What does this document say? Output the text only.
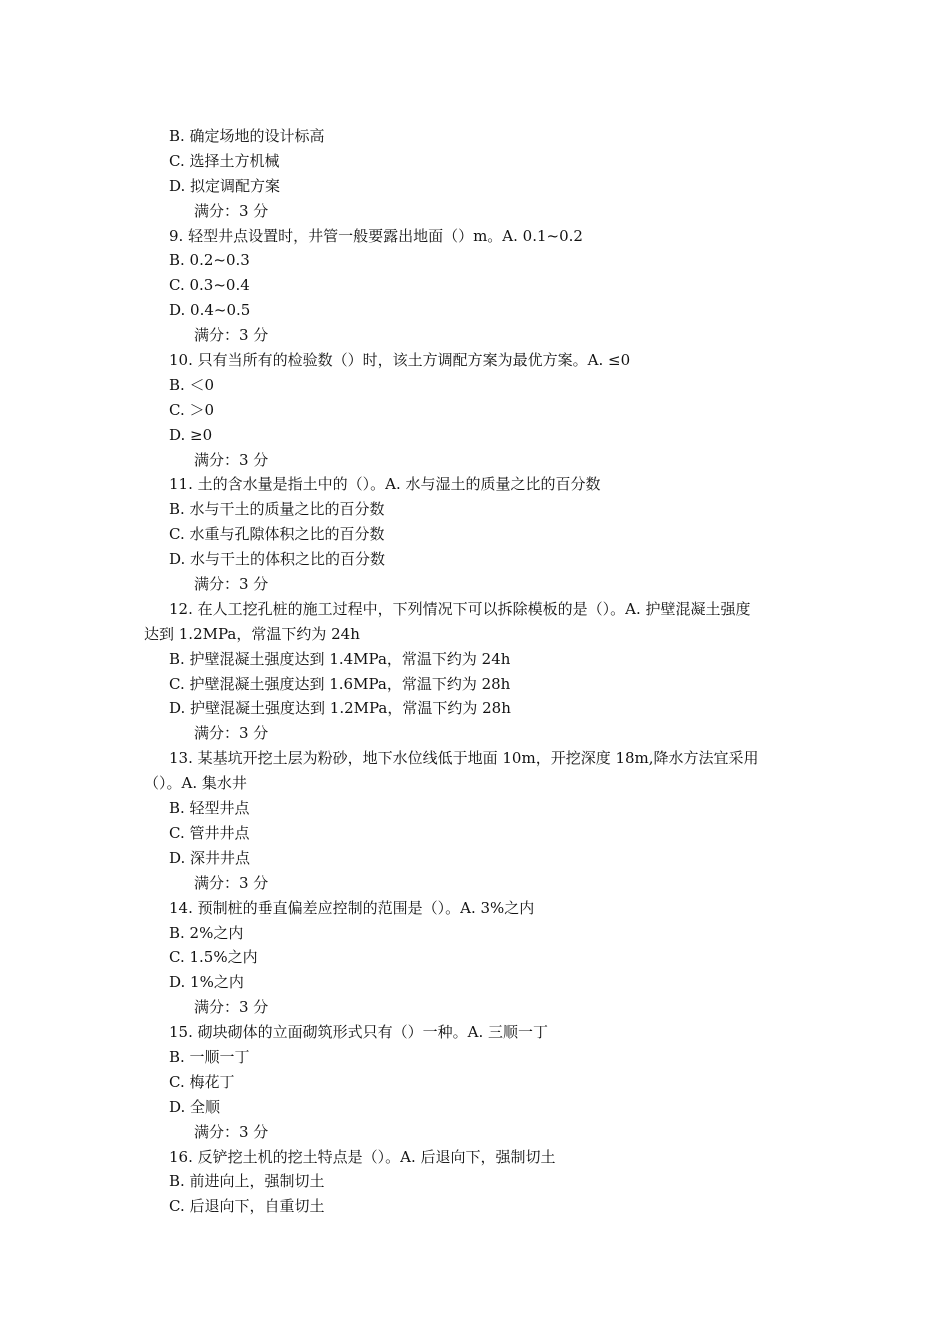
B. 确定场地的设计标高
C. 选择土方机械
D. 拟定调配方案
满分：3 分
9. 轻型井点设置时，井管一般要露出地面（）m。A. 0.1~0.2
B. 0.2~0.3
C. 0.3~0.4
D. 0.4~0.5
满分：3 分
10. 只有当所有的检验数（）时，该土方调配方案为最优方案。A. ≤0
B. ＜0
C. ＞0
D. ≥0
满分：3 分
11. 土的含水量是指土中的（）。A. 水与湿土的质量之比的百分数
B. 水与干土的质量之比的百分数
C. 水重与孔隙体积之比的百分数
D. 水与干土的体积之比的百分数
满分：3 分
12. 在人工挖孔桩的施工过程中，下列情况下可以拆除模板的是（）。A. 护壁混凝土强度
达到 1.2MPa，常温下约为 24h
B. 护壁混凝土强度达到 1.4MPa，常温下约为 24h
C. 护壁混凝土强度达到 1.6MPa，常温下约为 28h
D. 护壁混凝土强度达到 1.2MPa，常温下约为 28h
满分：3 分
13. 某基坑开挖土层为粉砂，地下水位线低于地面 10m，开挖深度 18m,降水方法宜采用
（）。A. 集水井
B. 轻型井点
C. 管井井点
D. 深井井点
满分：3 分
14. 预制桩的垂直偏差应控制的范围是（）。A. 3%之内
B. 2%之内
C. 1.5%之内
D. 1%之内
满分：3 分
15. 砌块砌体的立面砌筑形式只有（）一种。A. 三顺一丁
B. 一顺一丁
C. 梅花丁
D. 全顺
满分：3 分
16. 反铲挖土机的挖土特点是（）。A. 后退向下，强制切土
B. 前进向上，强制切土
C. 后退向下，自重切土
